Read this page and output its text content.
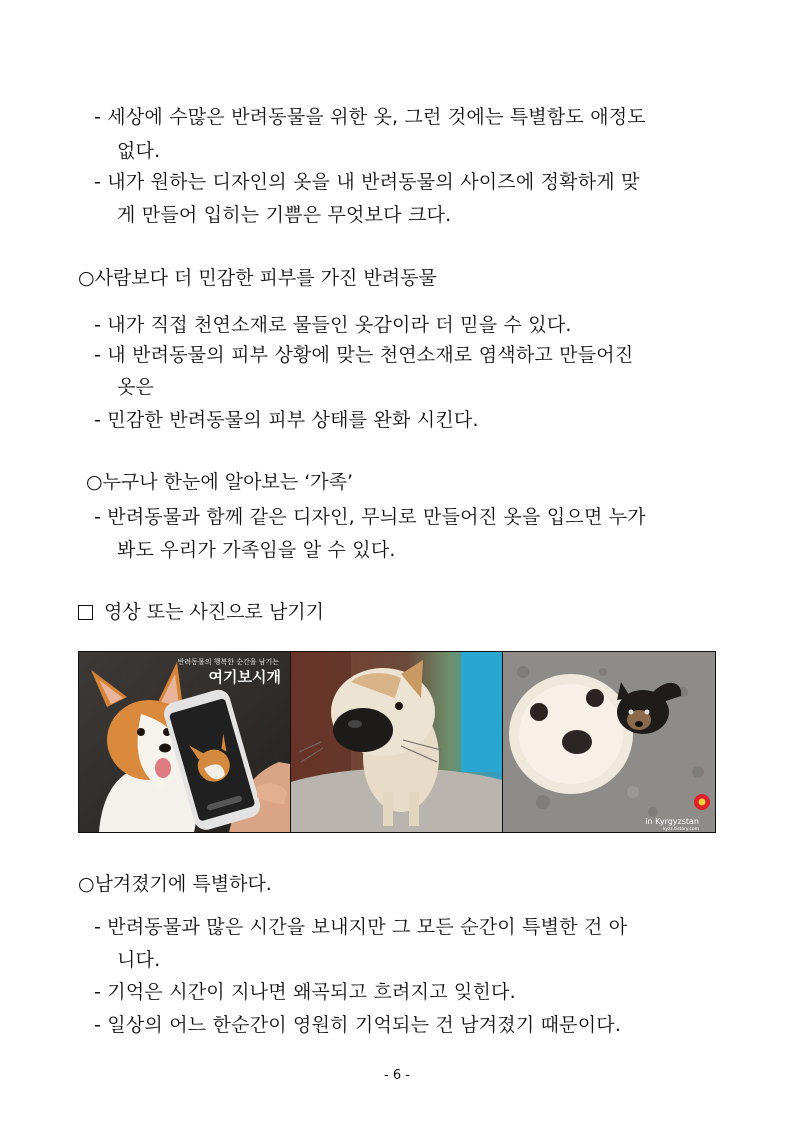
- 세상에 수많은 반려동물을 위한 옷, 그런 것에는 특별함도 애정도
없다.
- 내가 원하는 디자인의 옷을 내 반려동물의 사이즈에 정확하게 맞
게 만들어 입히는 기쁨은 무엇보다 크다.
○사람보다 더 민감한 피부를 가진 반려동물
- 내가 직접 천연소재로 물들인 옷감이라 더 믿을 수 있다.
- 내 반려동물의 피부 상황에 맞는 천연소재로 염색하고 만들어진
옷은
- 민감한 반려동물의 피부 상태를 완화 시킨다.
○누구나 한눈에 알아보는 ‘가족’
- 반려동물과 함께 같은 디자인, 무늬로 만들어진 옷을 입으면 누가
봐도 우리가 가족임을 알 수 있다.
영상 또는 사진으로 남기기
반려동물의 행복한 순간을 남기는
여기보시개
in Kyrgyzstan
kyzz.tistory.com
○남겨졌기에 특별하다.
- 반려동물과 많은 시간을 보내지만 그 모든 순간이 특별한 건 아
니다.
- 기억은 시간이 지나면 왜곡되고 흐려지고 잊힌다.
- 일상의 어느 한순간이 영원히 기억되는 건 남겨졌기 때문이다.
- 6 -
